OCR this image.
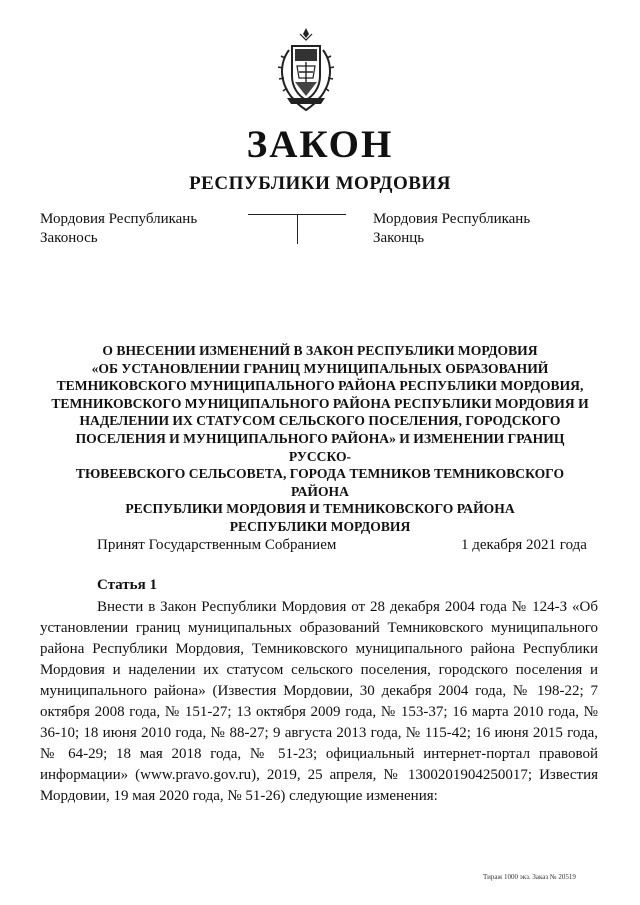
ЗАКОН
РЕСПУБЛИКИ МОРДОВИЯ
Мордовия Республикань
Законось
Мордовия Республикань
Законць
О ВНЕСЕНИИ ИЗМЕНЕНИЙ В ЗАКОН РЕСПУБЛИКИ МОРДОВИЯ
«ОБ УСТАНОВЛЕНИИ ГРАНИЦ МУНИЦИПАЛЬНЫХ ОБРАЗОВАНИЙ
ТЕМНИКОВСКОГО МУНИЦИПАЛЬНОГО РАЙОНА РЕСПУБЛИКИ МОРДОВИЯ,
ТЕМНИКОВСКОГО МУНИЦИПАЛЬНОГО РАЙОНА РЕСПУБЛИКИ МОРДОВИЯ И
НАДЕЛЕНИИ ИХ СТАТУСОМ СЕЛЬСКОГО ПОСЕЛЕНИЯ, ГОРОДСКОГО
ПОСЕЛЕНИЯ И МУНИЦИПАЛЬНОГО РАЙОНА» И ИЗМЕНЕНИИ ГРАНИЦ РУССКО-
ТЮВЕЕВСКОГО СЕЛЬСОВЕТА, ГОРОДА ТЕМНИКОВ ТЕМНИКОВСКОГО РАЙОНА
РЕСПУБЛИКИ МОРДОВИЯ И ТЕМНИКОВСКОГО РАЙОНА
РЕСПУБЛИКИ МОРДОВИЯ
Принят Государственным Собранием	1 декабря 2021 года
Статья 1
Внести в Закон Республики Мордовия от 28 декабря 2004 года № 124-З «Об установлении границ муниципальных образований Темниковского муниципального района Республики Мордовия, Темниковского муниципального района Республики Мордовия и наделении их статусом сельского поселения, городского поселения и муниципального района» (Известия Мордовии, 30 декабря 2004 года, № 198-22; 7 октября 2008 года, № 151-27; 13 октября 2009 года, № 153-37; 16 марта 2010 года, № 36-10; 18 июня 2010 года, № 88-27; 9 августа 2013 года, № 115-42; 16 июня 2015 года, № 64-29; 18 мая 2018 года, № 51-23; официальный интернет-портал правовой информации» (www.pravo.gov.ru), 2019, 25 апреля, № 1300201904250017; Известия Мордовии, 19 мая 2020 года, № 51-26) следующие изменения:
Тираж 1000 экз. Заказ № 20519
